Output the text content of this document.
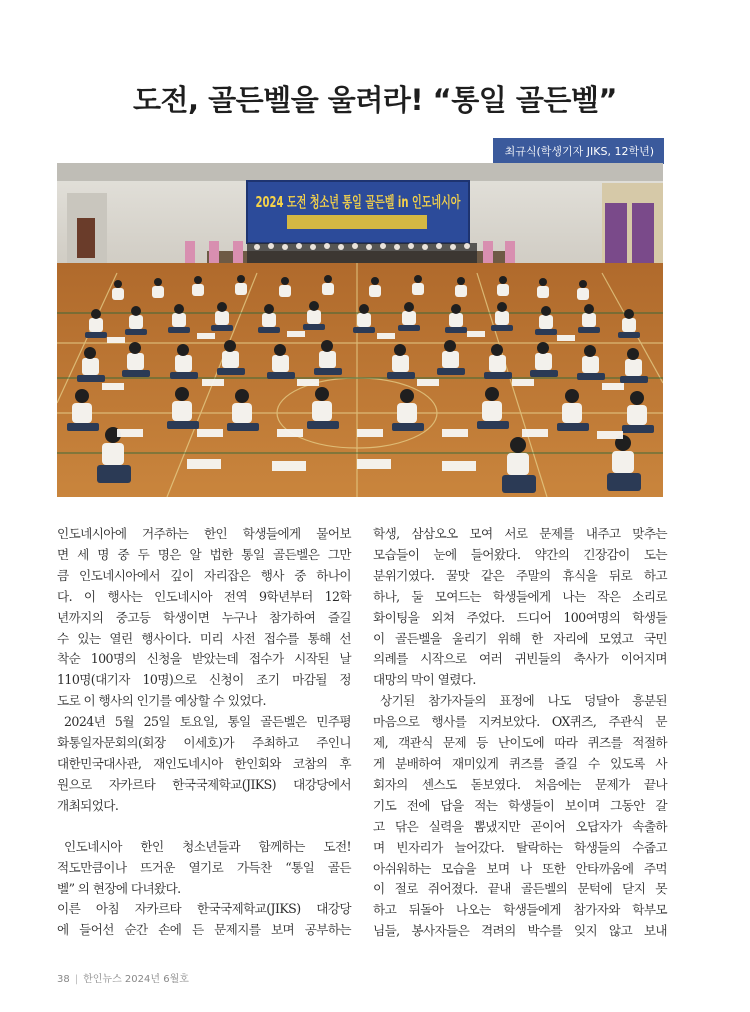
도전, 골든벨을 울려라! “통일 골든벨”
최규식(학생기자 JIKS, 12학년)
2024 도전 청소년 통일 골든벨 in 인도네시아

인도네시아에 거주하는 한인 학생들에게 물어보

면 세 명 중 두 명은 알 법한 통일 골든벨은 그만

큼 인도네시아에서 깊이 자리잡은 행사 중 하나이

다. 이 행사는 인도네시아 전역 9학년부터 12학

년까지의 중고등 학생이면 누구나 참가하여 즐길

수 있는 열린 행사이다. 미리 사전 접수를 통해 선

착순 100명의 신청을 받았는데 접수가 시작된 날

110명(대기자 10명)으로 신청이 조기 마감될 정

도로 이 행사의 인기를 예상할 수 있었다.

2024년 5월 25일 토요일, 통일 골든벨은 민주평

화통일자문회의(회장 이세호)가 주최하고 주인니

대한민국대사관, 재인도네시아 한인회와 코참의 후

원으로 자카르타 한국국제학교(JIKS) 대강당에서

개최되었다.

인도네시아 한인 청소년들과 함께하는 도전!

적도만큼이나 뜨거운 열기로 가득찬 “통일 골든

벨” 의 현장에 다녀왔다.

이른 아침 자카르타 한국국제학교(JIKS) 대강당

에 들어선 순간 손에 든 문제지를 보며 공부하는

학생, 삼삼오오 모여 서로 문제를 내주고 맞추는

모습들이 눈에 들어왔다. 약간의 긴장감이 도는

분위기였다. 꿀맛 같은 주말의 휴식을 뒤로 하고

하나, 둘 모여드는 학생들에게 나는 작은 소리로

화이팅을 외쳐 주었다. 드디어 100여명의 학생들

이 골든벨을 울리기 위해 한 자리에 모였고 국민

의례를 시작으로 여러 귀빈들의 축사가 이어지며

대망의 막이 열렸다.

상기된 참가자들의 표정에 나도 덩달아 흥분된

마음으로 행사를 지켜보았다. OX퀴즈, 주관식 문

제, 객관식 문제 등 난이도에 따라 퀴즈를 적절하

게 분배하여 재미있게 퀴즈를 즐길 수 있도록 사

회자의 센스도 돋보였다. 처음에는 문제가 끝나

기도 전에 답을 적는 학생들이 보이며 그동안 갈

고 닦은 실력을 뽐냈지만 곧이어 오답자가 속출하

며 빈자리가 늘어갔다. 탈락하는 학생들의 수줍고

아쉬워하는 모습을 보며 나 또한 안타까움에 주먹

이 절로 쥐어졌다. 끝내 골든벨의 문턱에 닫지 못

하고 뒤돌아 나오는 학생들에게 참가자와 학부모

님들, 봉사자들은 격려의 박수를 잊지 않고 보내

38 | 한인뉴스 2024년 6월호
